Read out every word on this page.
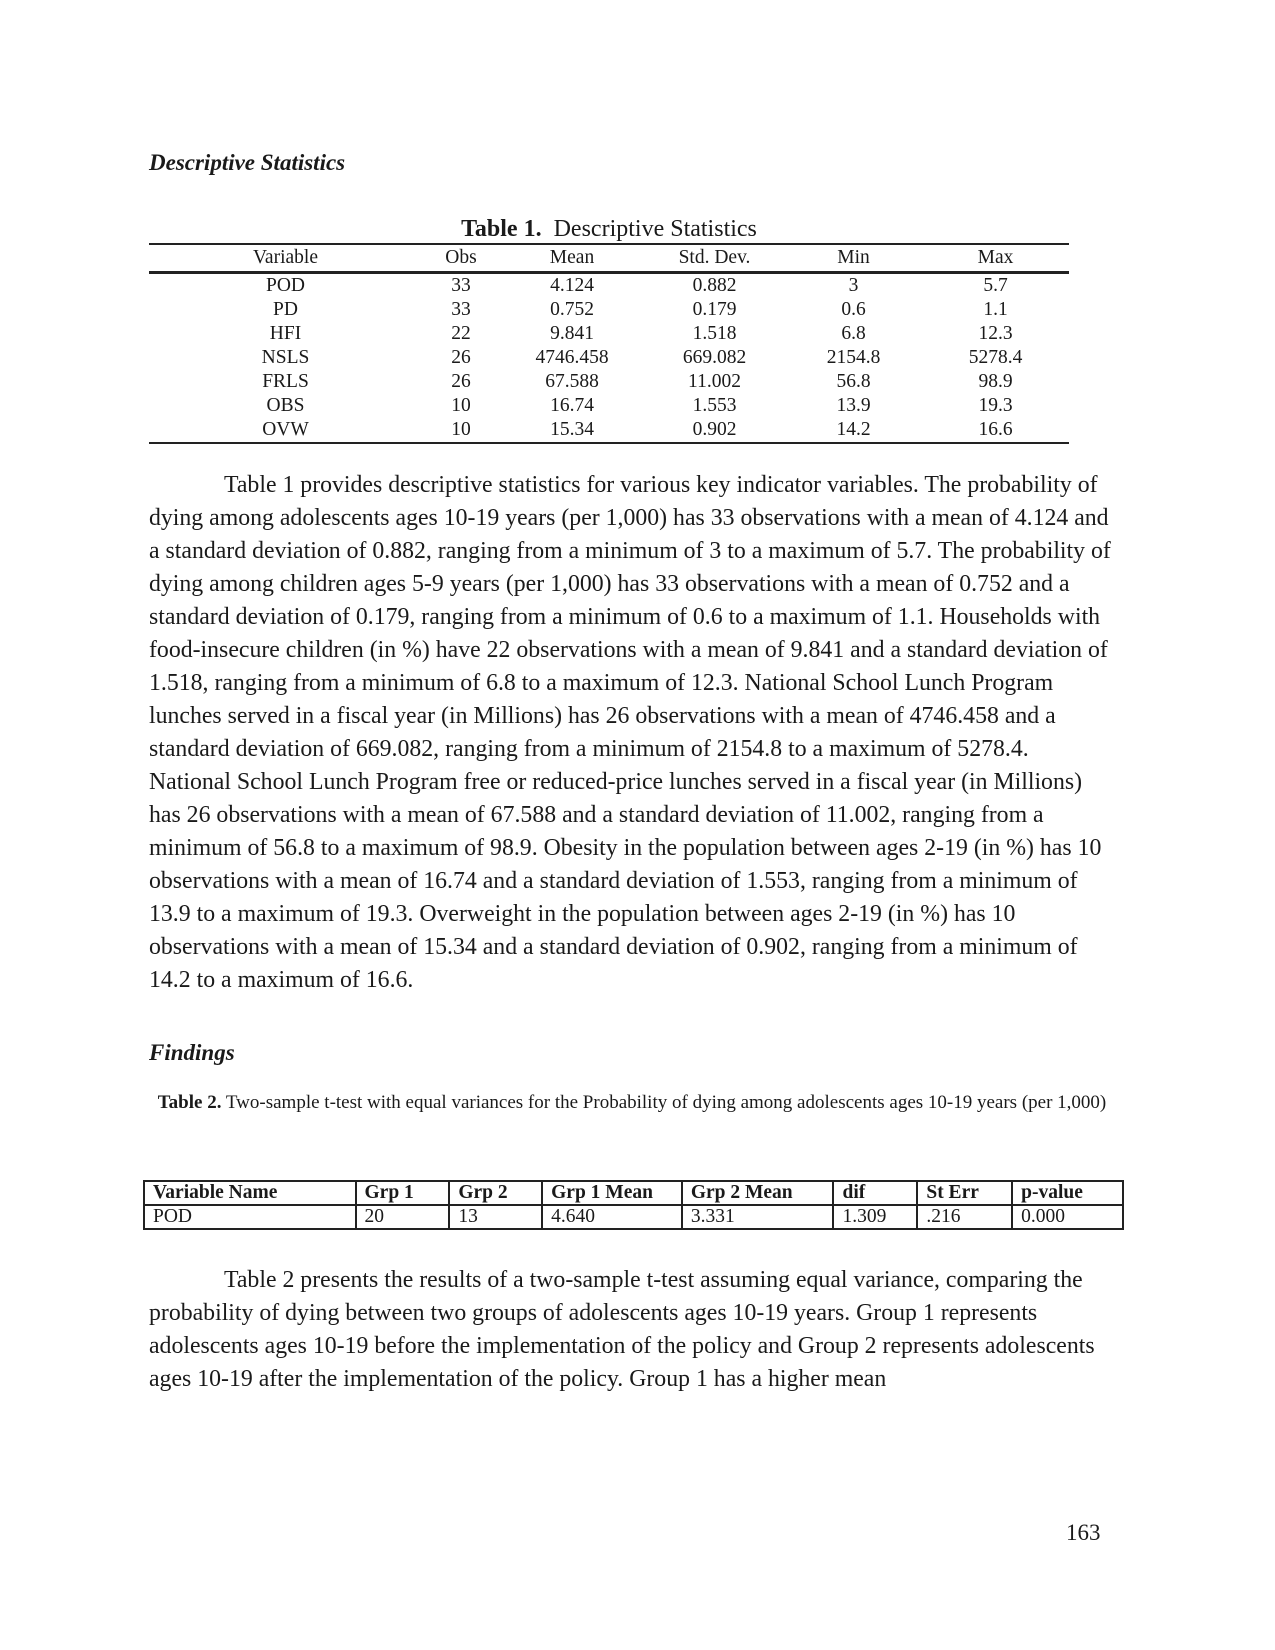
Descriptive Statistics
Table 1. Descriptive Statistics
Variable	Obs	Mean	Std. Dev.	Min	Max
POD	33	4.124	0.882	3	5.7
PD	33	0.752	0.179	0.6	1.1
HFI	22	9.841	1.518	6.8	12.3
NSLS	26	4746.458	669.082	2154.8	5278.4
FRLS	26	67.588	11.002	56.8	98.9
OBS	10	16.74	1.553	13.9	19.3
OVW	10	15.34	0.902	14.2	16.6

Table 1 provides descriptive statistics for various key indicator variables. The probability of dying among adolescents ages 10-19 years (per 1,000) has 33 observations with a mean of 4.124 and a standard deviation of 0.882, ranging from a minimum of 3 to a maximum of 5.7. The probability of dying among children ages 5-9 years (per 1,000) has 33 observations with a mean of 0.752 and a standard deviation of 0.179, ranging from a minimum of 0.6 to a maximum of 1.1. Households with food-insecure children (in %) have 22 observations with a mean of 9.841 and a standard deviation of 1.518, ranging from a minimum of 6.8 to a maximum of 12.3. National School Lunch Program lunches served in a fiscal year (in Millions) has 26 observations with a mean of 4746.458 and a standard deviation of 669.082, ranging from a minimum of 2154.8 to a maximum of 5278.4. National School Lunch Program free or reduced-price lunches served in a fiscal year (in Millions) has 26 observations with a mean of 67.588 and a standard deviation of 11.002, ranging from a minimum of 56.8 to a maximum of 98.9. Obesity in the population between ages 2-19 (in %) has 10 observations with a mean of 16.74 and a standard deviation of 1.553, ranging from a minimum of 13.9 to a maximum of 19.3. Overweight in the population between ages 2-19 (in %) has 10 observations with a mean of 15.34 and a standard deviation of 0.902, ranging from a minimum of 14.2 to a maximum of 16.6.

Findings
Table 2. Two-sample t-test with equal variances for the Probability of dying among adolescents ages 10-19 years (per 1,000)
Variable Name	Grp 1	Grp 2	Grp 1 Mean	Grp 2 Mean	dif	St Err	p-value
POD	20	13	4.640	3.331	1.309	.216	0.000

Table 2 presents the results of a two-sample t-test assuming equal variance, comparing the probability of dying between two groups of adolescents ages 10-19 years. Group 1 represents adolescents ages 10-19 before the implementation of the policy and Group 2 represents adolescents ages 10-19 after the implementation of the policy. Group 1 has a higher mean

163
